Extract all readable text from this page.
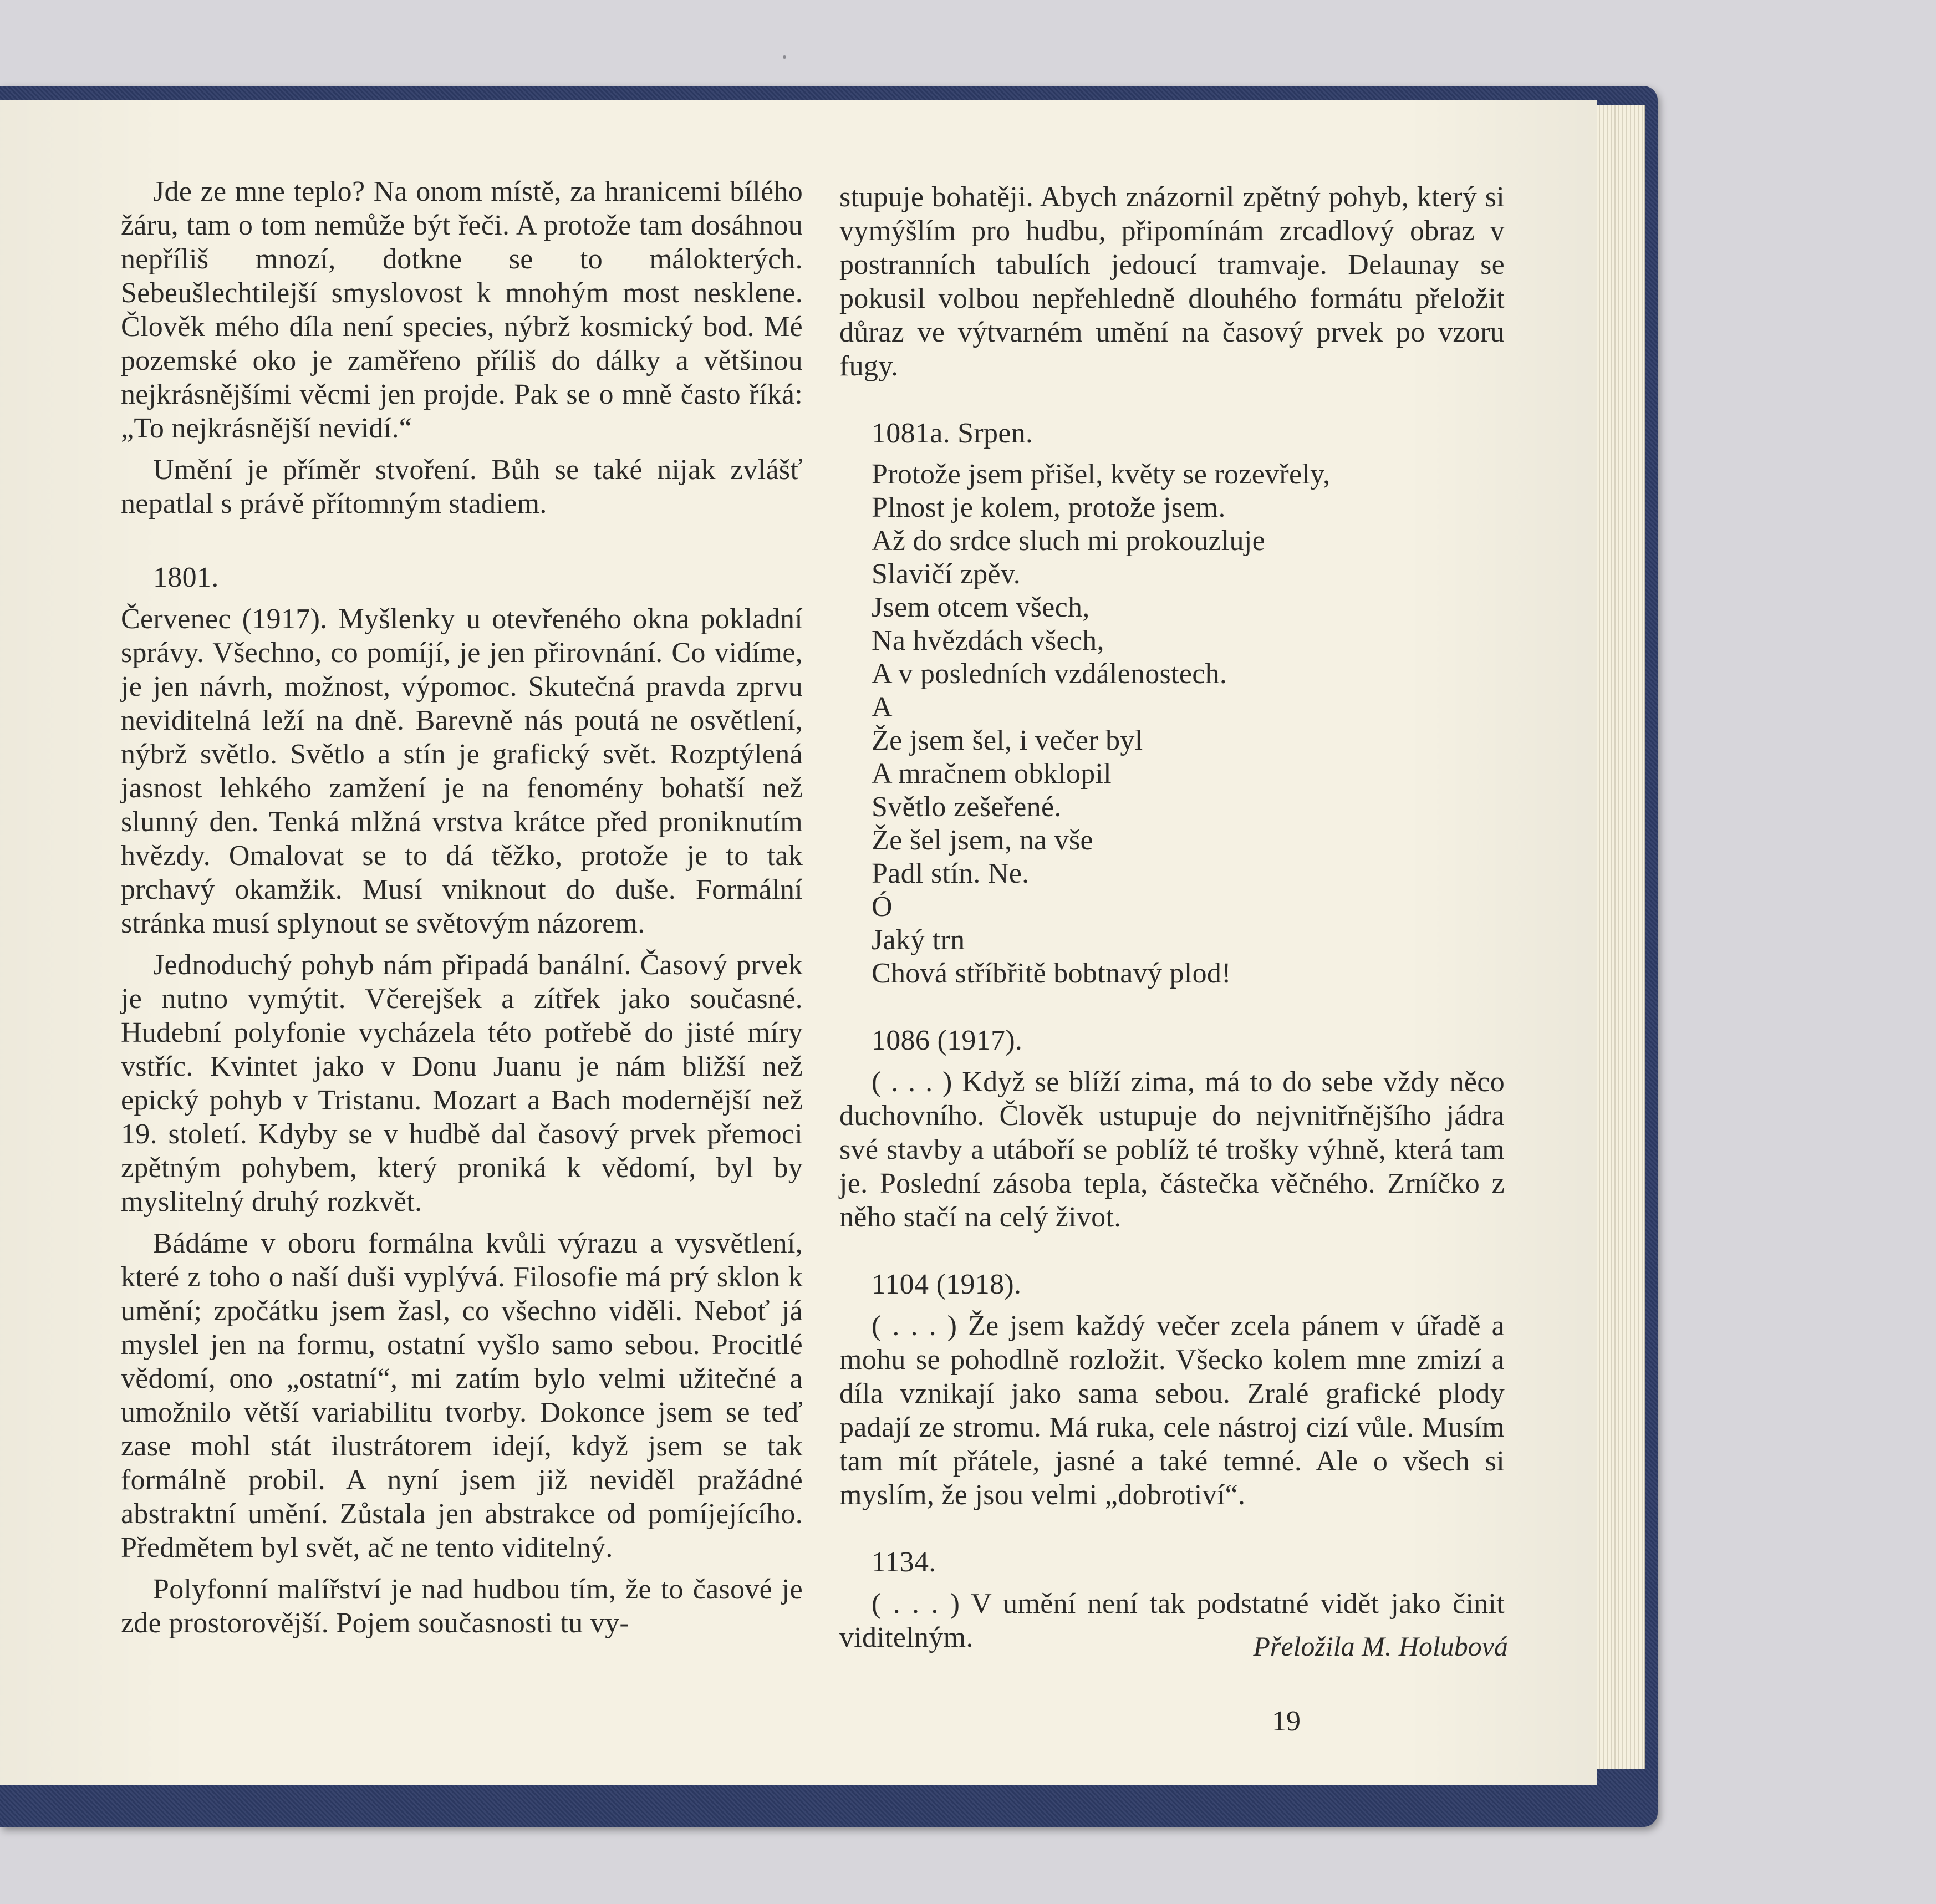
Jde ze mne teplo? Na onom místě, za hranicemi bílého žáru, tam o tom nemůže být řeči. A protože tam dosáhnou nepříliš mnozí, dotkne se to málokterých. Sebeušlechtilejší smyslovost k mnohým most nesklene. Člověk mého díla není species, nýbrž kosmický bod. Mé pozemské oko je zaměřeno příliš do dálky a většinou nejkrásnějšími věcmi jen projde. Pak se o mně často říká: „To nejkrásnější nevidí.“

Umění je příměr stvoření. Bůh se také nijak zvlášť nepatlal s právě přítomným stadiem.

1801.

Červenec (1917). Myšlenky u otevřeného okna pokladní správy. Všechno, co pomíjí, je jen přirovnání. Co vidíme, je jen návrh, možnost, výpomoc. Skutečná pravda zprvu neviditelná leží na dně. Barevně nás poutá ne osvětlení, nýbrž světlo. Světlo a stín je grafický svět. Rozptýlená jasnost lehkého zamžení je na fenomény bohatší než slunný den. Tenká mlžná vrstva krátce před proniknutím hvězdy. Omalovat se to dá těžko, protože je to tak prchavý okamžik. Musí vniknout do duše. Formální stránka musí splynout se světovým názorem.

Jednoduchý pohyb nám připadá banální. Časový prvek je nutno vymýtit. Včerejšek a zítřek jako současné. Hudební polyfonie vycházela této potřebě do jisté míry vstříc. Kvintet jako v Donu Juanu je nám bližší než epický pohyb v Tristanu. Mozart a Bach modernější než 19. století. Kdyby se v hudbě dal časový prvek přemoci zpětným pohybem, který proniká k vědomí, byl by myslitelný druhý rozkvět.

Bádáme v oboru formálna kvůli výrazu a vysvětlení, které z toho o naší duši vyplývá. Filosofie má prý sklon k umění; zpočátku jsem žasl, co všechno viděli. Neboť já myslel jen na formu, ostatní vyšlo samo sebou. Procitlé vědomí, ono „ostatní“, mi zatím bylo velmi užitečné a umožnilo větší variabilitu tvorby. Dokonce jsem se teď zase mohl stát ilustrátorem idejí, když jsem se tak formálně probil. A nyní jsem již neviděl pražádné abstraktní umění. Zůstala jen abstrakce od pomíjejícího. Předmětem byl svět, ač ne tento viditelný.

Polyfonní malířství je nad hudbou tím, že to časové je zde prostorovější. Pojem současnosti tu vy-

stupuje bohatěji. Abych znázornil zpětný pohyb, který si vymýšlím pro hudbu, připomínám zrcadlový obraz v postranních tabulích jedoucí tramvaje. Delaunay se pokusil volbou nepřehledně dlouhého formátu přeložit důraz ve výtvarném umění na časový prvek po vzoru fugy.

1081a. Srpen.
Protože jsem přišel, květy se rozevřely,
Plnost je kolem, protože jsem.
Až do srdce sluch mi prokouzluje
Slavičí zpěv.
Jsem otcem všech,
Na hvězdách všech,
A v posledních vzdálenostech.
A
Že jsem šel, i večer byl
A mračnem obklopil
Světlo zešeřené.
Že šel jsem, na vše
Padl stín. Ne.
Ó
Jaký trn
Chová stříbřitě bobtnavý plod!
1086 (1917).

( . . . ) Když se blíží zima, má to do sebe vždy něco duchovního. Člověk ustupuje do nejvnitřnějšího jádra své stavby a utáboří se poblíž té trošky výhně, která tam je. Poslední zásoba tepla, částečka věčného. Zrníčko z něho stačí na celý život.

1104 (1918).

( . . . ) Že jsem každý večer zcela pánem v úřadě a mohu se pohodlně rozložit. Všecko kolem mne zmizí a díla vznikají jako sama sebou. Zralé grafické plody padají ze stromu. Má ruka, cele nástroj cizí vůle. Musím tam mít přátele, jasné a také temné. Ale o všech si myslím, že jsou velmi „dobrotiví“.

1134.

( . . . ) V umění není tak podstatné vidět jako činit viditelným.	Přeložila M. Holubová
19
